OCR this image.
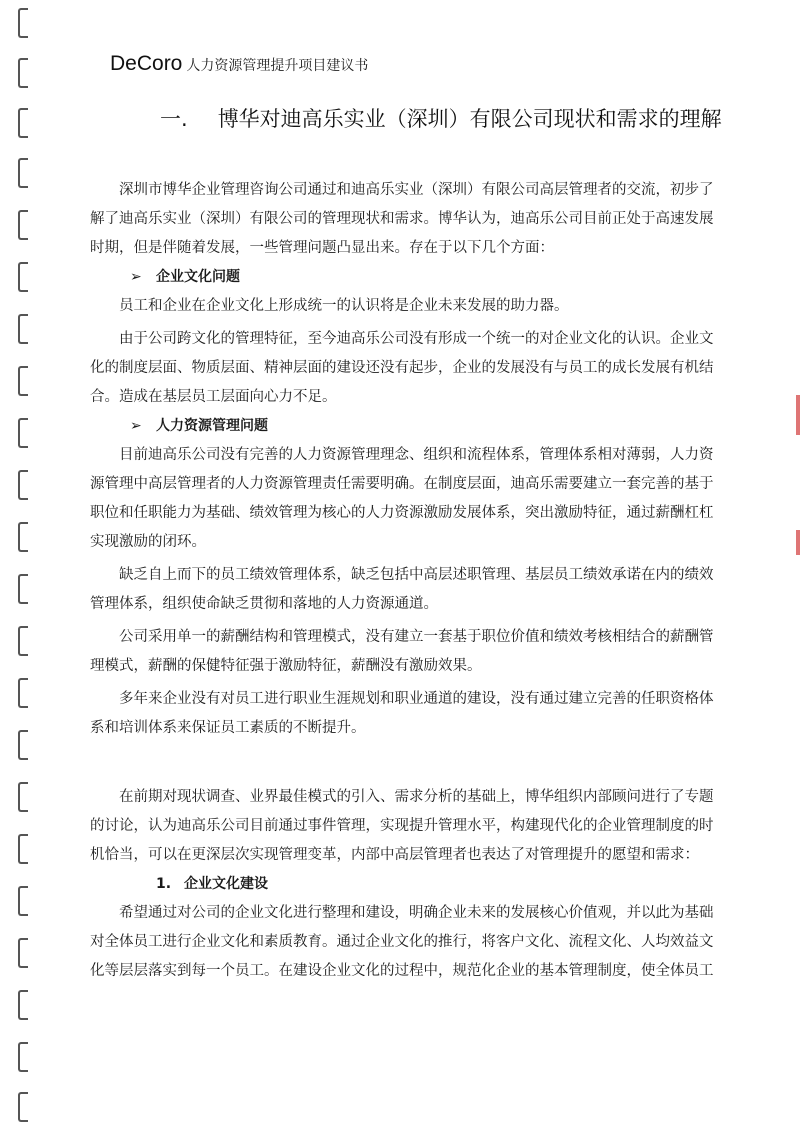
DeCoro 人力资源管理提升项目建议书
一. 博华对迪高乐实业（深圳）有限公司现状和需求的理解

深圳市博华企业管理咨询公司通过和迪高乐实业（深圳）有限公司高层管理者的交流，初步了解了迪高乐实业（深圳）有限公司的管理现状和需求。博华认为，迪高乐公司目前正处于高速发展时期，但是伴随着发展，一些管理问题凸显出来。存在于以下几个方面：

➢ 企业文化问题

员工和企业在企业文化上形成统一的认识将是企业未来发展的助力器。

由于公司跨文化的管理特征，至今迪高乐公司没有形成一个统一的对企业文化的认识。企业文化的制度层面、物质层面、精神层面的建设还没有起步，企业的发展没有与员工的成长发展有机结合。造成在基层员工层面向心力不足。

➢ 人力资源管理问题

目前迪高乐公司没有完善的人力资源管理理念、组织和流程体系，管理体系相对薄弱，人力资源管理中高层管理者的人力资源管理责任需要明确。在制度层面，迪高乐需要建立一套完善的基于职位和任职能力为基础、绩效管理为核心的人力资源激励发展体系，突出激励特征，通过薪酬杠杠实现激励的闭环。

缺乏自上而下的员工绩效管理体系，缺乏包括中高层述职管理、基层员工绩效承诺在内的绩效管理体系，组织使命缺乏贯彻和落地的人力资源通道。

公司采用单一的薪酬结构和管理模式，没有建立一套基于职位价值和绩效考核相结合的薪酬管理模式，薪酬的保健特征强于激励特征，薪酬没有激励效果。

多年来企业没有对员工进行职业生涯规划和职业通道的建设，没有通过建立完善的任职资格体系和培训体系来保证员工素质的不断提升。

在前期对现状调查、业界最佳模式的引入、需求分析的基础上，博华组织内部顾问进行了专题的讨论，认为迪高乐公司目前通过事件管理，实现提升管理水平，构建现代化的企业管理制度的时机恰当，可以在更深层次实现管理变革，内部中高层管理者也表达了对管理提升的愿望和需求：

1. 企业文化建设

希望通过对公司的企业文化进行整理和建设，明确企业未来的发展核心价值观，并以此为基础对全体员工进行企业文化和素质教育。通过企业文化的推行，将客户文化、流程文化、人均效益文化等层层落实到每一个员工。在建设企业文化的过程中，规范化企业的基本管理制度，使全体员工
